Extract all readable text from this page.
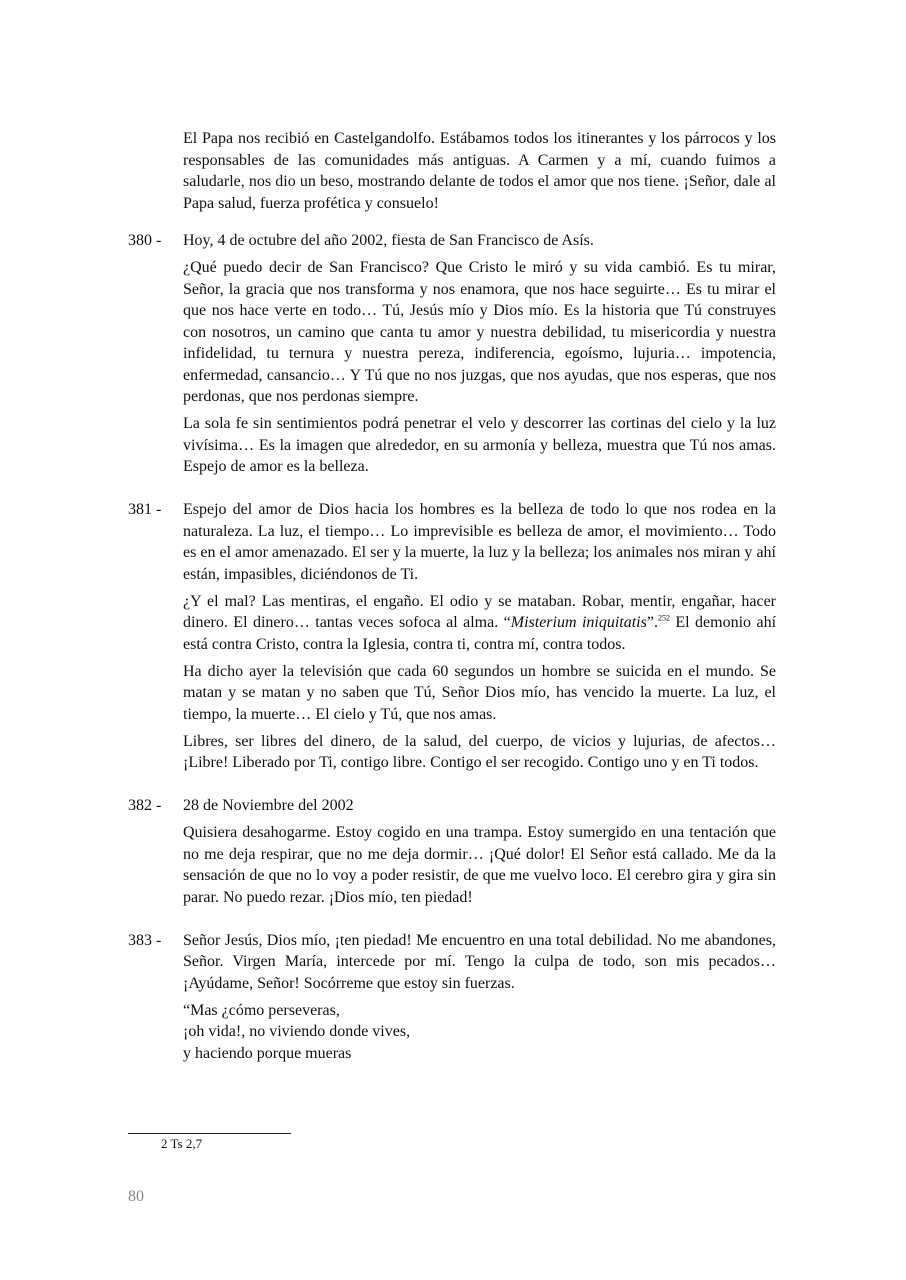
El Papa nos recibió en Castelgandolfo. Estábamos todos los itinerantes y los párrocos y los responsables de las comunidades más antiguas. A Carmen y a mí, cuando fuimos a saludarle, nos dio un beso, mostrando delante de todos el amor que nos tiene. ¡Señor, dale al Papa salud, fuerza profética y consuelo!

380 -	Hoy, 4 de octubre del año 2002, fiesta de San Francisco de Asís.

¿Qué puedo decir de San Francisco? Que Cristo le miró y su vida cambió. Es tu mirar, Señor, la gracia que nos transforma y nos enamora, que nos hace seguirte… Es tu mirar el que nos hace verte en todo… Tú, Jesús mío y Dios mío. Es la historia que Tú construyes con nosotros, un camino que canta tu amor y nuestra debilidad, tu misericordia y nuestra infidelidad, tu ternura y nuestra pereza, indiferencia, egoísmo, lujuria… impotencia, enfermedad, cansancio… Y Tú que no nos juzgas, que nos ayudas, que nos esperas, que nos perdonas, que nos perdonas siempre.

La sola fe sin sentimientos podrá penetrar el velo y descorrer las cortinas del cielo y la luz vivísima… Es la imagen que alrededor, en su armonía y belleza, muestra que Tú nos amas. Espejo de amor es la belleza.

381 -	Espejo del amor de Dios hacia los hombres es la belleza de todo lo que nos rodea en la naturaleza. La luz, el tiempo… Lo imprevisible es belleza de amor, el movimiento… Todo es en el amor amenazado. El ser y la muerte, la luz y la belleza; los animales nos miran y ahí están, impasibles, diciéndonos de Ti.

¿Y el mal? Las mentiras, el engaño. El odio y se mataban. Robar, mentir, engañar, hacer dinero. El dinero… tantas veces sofoca al alma. “Misterium iniquitatis”.$^{252}$ El demonio ahí está contra Cristo, contra la Iglesia, contra ti, contra mí, contra todos.

Ha dicho ayer la televisión que cada 60 segundos un hombre se suicida en el mundo. Se matan y se matan y no saben que Tú, Señor Dios mío, has vencido la muerte. La luz, el tiempo, la muerte… El cielo y Tú, que nos amas.

Libres, ser libres del dinero, de la salud, del cuerpo, de vicios y lujurias, de afectos… ¡Libre! Liberado por Ti, contigo libre. Contigo el ser recogido. Contigo uno y en Ti todos.

382 -	28 de Noviembre del 2002

Quisiera desahogarme. Estoy cogido en una trampa. Estoy sumergido en una tentación que no me deja respirar, que no me deja dormir… ¡Qué dolor! El Señor está callado. Me da la sensación de que no lo voy a poder resistir, de que me vuelvo loco. El cerebro gira y gira sin parar. No puedo rezar. ¡Dios mío, ten piedad!

383 -	Señor Jesús, Dios mío, ¡ten piedad! Me encuentro en una total debilidad. No me abandones, Señor. Virgen María, intercede por mí. Tengo la culpa de todo, son mis pecados… ¡Ayúdame, Señor! Socórreme que estoy sin fuerzas.

“Mas ¿cómo perseveras,

¡oh vida!, no viviendo donde vives,

y haciendo porque mueras

2 Ts 2,7
80
